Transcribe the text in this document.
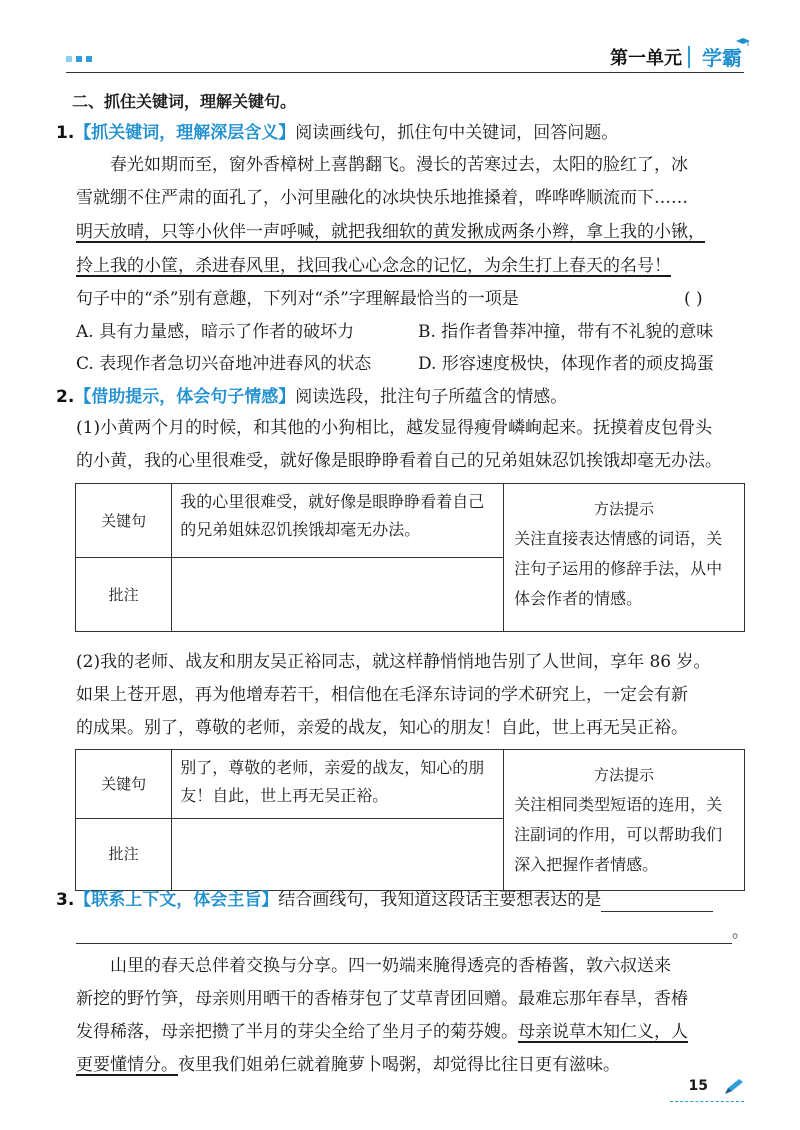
第一单元 学霸
二、抓住关键词，理解关键句。
1.【抓关键词，理解深层含义】阅读画线句，抓住句中关键词，回答问题。
春光如期而至，窗外香樟树上喜鹊翻飞。漫长的苦寒过去，太阳的脸红了，冰
雪就绷不住严肃的面孔了，小河里融化的冰块快乐地推搡着，哗哗哗顺流而下……
明天放晴，只等小伙伴一声呼喊，就把我细软的黄发揪成两条小辫，拿上我的小锹，
拎上我的小筐，杀进春风里，找回我心心念念的记忆，为余生打上春天的名号！
句子中的“杀”别有意趣，下列对“杀”字理解最恰当的一项是	( )
A. 具有力量感，暗示了作者的破坏力	B. 指作者鲁莽冲撞，带有不礼貌的意味
C. 表现作者急切兴奋地冲进春风的状态	D. 形容速度极快，体现作者的顽皮捣蛋
2.【借助提示，体会句子情感】阅读选段，批注句子所蕴含的情感。
(1)小黄两个月的时候，和其他的小狗相比，越发显得瘦骨嶙峋起来。抚摸着皮包骨头
的小黄，我的心里很难受，就好像是眼睁睁看着自己的兄弟姐妹忍饥挨饿却毫无办法。
关键句	我的心里很难受，就好像是眼睁睁看着自己的兄弟姐妹忍饥挨饿却毫无办法。	方法提示
关注直接表达情感的词语，关注句子运用的修辞手法，从中体会作者的情感。

批注		
(2)我的老师、战友和朋友吴正裕同志，就这样静悄悄地告别了人世间，享年 86 岁。
如果上苍开恩，再为他增寿若干，相信他在毛泽东诗词的学术研究上，一定会有新
的成果。别了，尊敬的老师，亲爱的战友，知心的朋友！自此，世上再无吴正裕。
关键句	别了，尊敬的老师，亲爱的战友，知心的朋友！自此，世上再无吴正裕。	方法提示
关注相同类型短语的连用，关注副词的作用，可以帮助我们深入把握作者情感。

批注		
3.【联系上下文，体会主旨】结合画线句，我知道这段话主要想表达的是
。
山里的春天总伴着交换与分享。四一奶端来腌得透亮的香椿酱，敦六叔送来
新挖的野竹笋，母亲则用晒干的香椿芽包了艾草青团回赠。最难忘那年春旱，香椿
发得稀落，母亲把攒了半月的芽尖全给了坐月子的菊芬嫂。母亲说草木知仁义，人
更要懂情分。夜里我们姐弟仨就着腌萝卜喝粥，却觉得比往日更有滋味。
15
